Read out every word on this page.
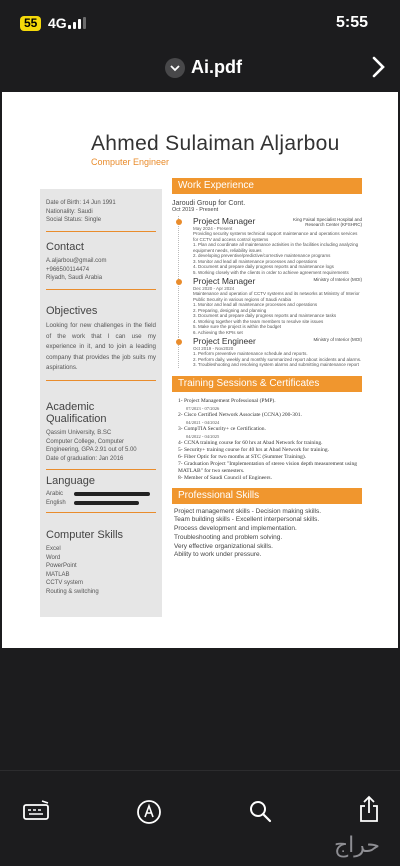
55 4G	5:55
Ai.pdf
Ahmed Sulaiman Aljarbou
Computer Engineer
Date of Birth: 14 Jun 1991
Nationality: Saudi
Social Status: Single
Contact
A.aljarbou@gmail.com
+966500114474
Riyadh, Saudi Arabia
Objectives
Looking for new challenges in the field of the work that I can use my experience in it, and to join a leading company that provides the job suits my aspirations.
Academic Qualification
Qassim University, B.SC
Computer College, Computer Engineering, GPA 2.91 out of 5.00
Date of graduation: Jan 2016
Language
Arabic
English
Computer Skills
Excel
Word
PowerPoint
MATLAB
CCTV system
Routing & switching
Work Experience
Jaroudi Group for Cont.
Oct 2019 - Present
Project Manager	King Faisal Specialist Hospital and Research Center (KFSHRC)
May 2024 - Present
Providing security systems technical support maintenance and operations services for CCTV and access control systems
1. Plan and coordinate all maintenance activities in the facilities including analyzing equipment needs, reliability issues
2. developing preventive/predictive/corrective maintenance programs
3. Monitor and lead all maintenance processes and operations
4. Document and prepare daily progress reports and maintenance logs
5. Working closely with the clients in order to achieve agreement requirements
Project Manager	Ministry of Interior (MOI)
Dec 2020 - Apr 2024
Maintenance and operation of CCTV systems and its networks at Ministry of Interior Public Security in various regions of Saudi Arabia
1. Monitor and lead all maintenance processes and operations
2. Preparing, designing and planning
3. Document and prepare daily progress reports and maintenance tasks
4. Working together with the team members to resolve site issues
5. Make sure the project is within the budget
6. Achieving the KPIs set
Project Engineer	Ministry of Interior (MOI)
Oct 2019 - Nov2020
1. Perform preventive maintenance schedule and reports.
2. Perform daily, weekly and monthly summarized report about incidents and alarms.
3. Troubleshooting and resolving system alarms and submitting maintenance report
Training Sessions & Certificates
1- Project Management Professional (PMP).
07/2023 - 07/2026
2- Cisco Certified Network Associate (CCNA) 200-301.
04/2021 - 04/2024
3- CompTIA Security+ ce Certification.
04/2022 - 04/2025
4- CCNA training course for 60 hrs at Abad Network for training.
5- Security+ training course for 40 hrs at Abad Network for training.
6- Fiber Optic for two months at STC (Summer Training).
7- Graduation Project "Implementation of stereo vision depth measurement using MATLAB" for two semesters.
8- Member of Saudi Council of Engineers.
Professional Skills
Project management skills - Decision making skills.
Team building skills - Excellent interpersonal skills.
Process development and implementation.
Troubleshooting and problem solving.
Very effective organizational skills.
Ability to work under pressure.
حراج
